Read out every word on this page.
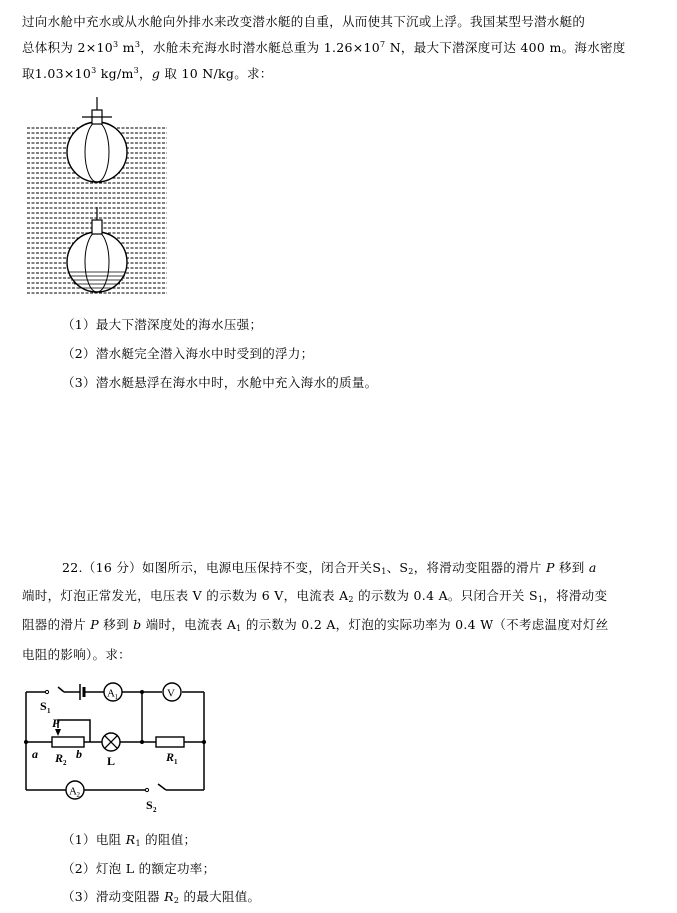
过向水舱中充水或从水舱向外排水来改变潜水艇的自重，从而使其下沉或上浮。我国某型号潜水艇的
总体积为 $2\times 10^3$ $m^3$，水舱未充海水时潜水艇总重为 $1.26\times 10^7$ N，最大下潜深度可达 400 m。海水密度
取$1.03\times 10^3$ $kg/m^3$，g 取 10 N/kg。求：
（1）最大下潜深度处的海水压强；
（2）潜水艇完全潜入海水中时受到的浮力；
（3）潜水艇悬浮在海水中时，水舱中充入海水的质量。
22.（16 分）如图所示，电源电压保持不变，闭合开关$S_1$、$S_2$，将滑动变阻器的滑片 P 移到 a
端时，灯泡正常发光，电压表 V 的示数为 6 V，电流表 $A_2$ 的示数为 0.4 A。只闭合开关 $S_1$，将滑动变
阻器的滑片 P 移到 b 端时，电流表 $A_1$ 的示数为 0.2 A，灯泡的实际功率为 0.4 W（不考虑温度对灯丝
电阻的影响）。求：
A 1	V
A 2
S 1
P
a R 2
b L	R 1
S 2
（1）电阻 $R_1$ 的阻值；
（2）灯泡 L 的额定功率；
（3）滑动变阻器 $R_2$ 的最大阻值。
